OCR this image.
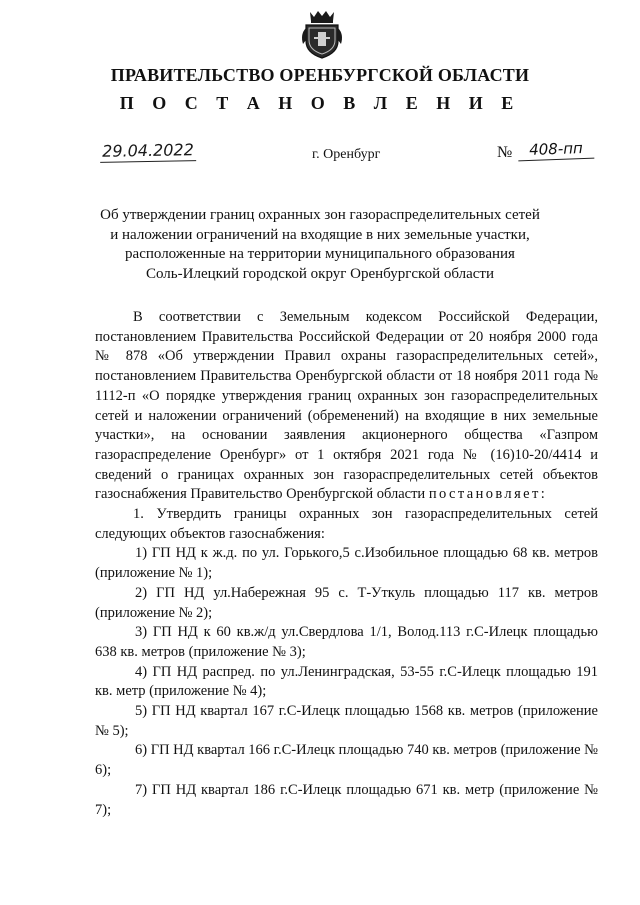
ПРАВИТЕЛЬСТВО ОРЕНБУРГСКОЙ ОБЛАСТИ
П О С Т А Н О В Л Е Н И Е
29.04.2022	г. Оренбург	№	408-пп
Об утверждении границ охранных зон газораспределительных сетей
и наложении ограничений на входящие в них земельные участки,
расположенные на территории муниципального образования
Соль-Илецкий городской округ Оренбургской области

В соответствии с Земельным кодексом Российской Федерации, постановлением Правительства Российской Федерации от 20 ноября 2000 года № 878 «Об утверждении Правил охраны газораспределительных сетей», постановлением Правительства Оренбургской области от 18 ноября 2011 года № 1112-п «О порядке утверждения границ охранных зон газораспределительных сетей и наложении ограничений (обременений) на входящие в них земельные участки», на основании заявления акционерного общества «Газпром газораспределение Оренбург» от 1 октября 2021 года № (16)10-20/4414 и сведений о границах охранных зон газораспределительных сетей объектов газоснабжения Правительство Оренбургской области постановляет:

1. Утвердить границы охранных зон газораспределительных сетей следующих объектов газоснабжения:

1) ГП НД к ж.д. по ул. Горького,5 с.Изобильное площадью 68 кв. метров (приложение № 1);

2) ГП НД ул.Набережная 95 с. Т-Уткуль площадью 117 кв. метров (приложение № 2);

3) ГП НД к 60 кв.ж/д ул.Свердлова 1/1, Волод.113 г.С-Илецк площадью 638 кв. метров (приложение № 3);

4) ГП НД распред. по ул.Ленинградская, 53-55 г.С-Илецк площадью 191 кв. метр (приложение № 4);

5) ГП НД квартал 167 г.С-Илецк площадью 1568 кв. метров (приложение № 5);

6) ГП НД квартал 166 г.С-Илецк площадью 740 кв. метров (приложение № 6);

7) ГП НД квартал 186 г.С-Илецк площадью 671 кв. метр (приложение № 7);
